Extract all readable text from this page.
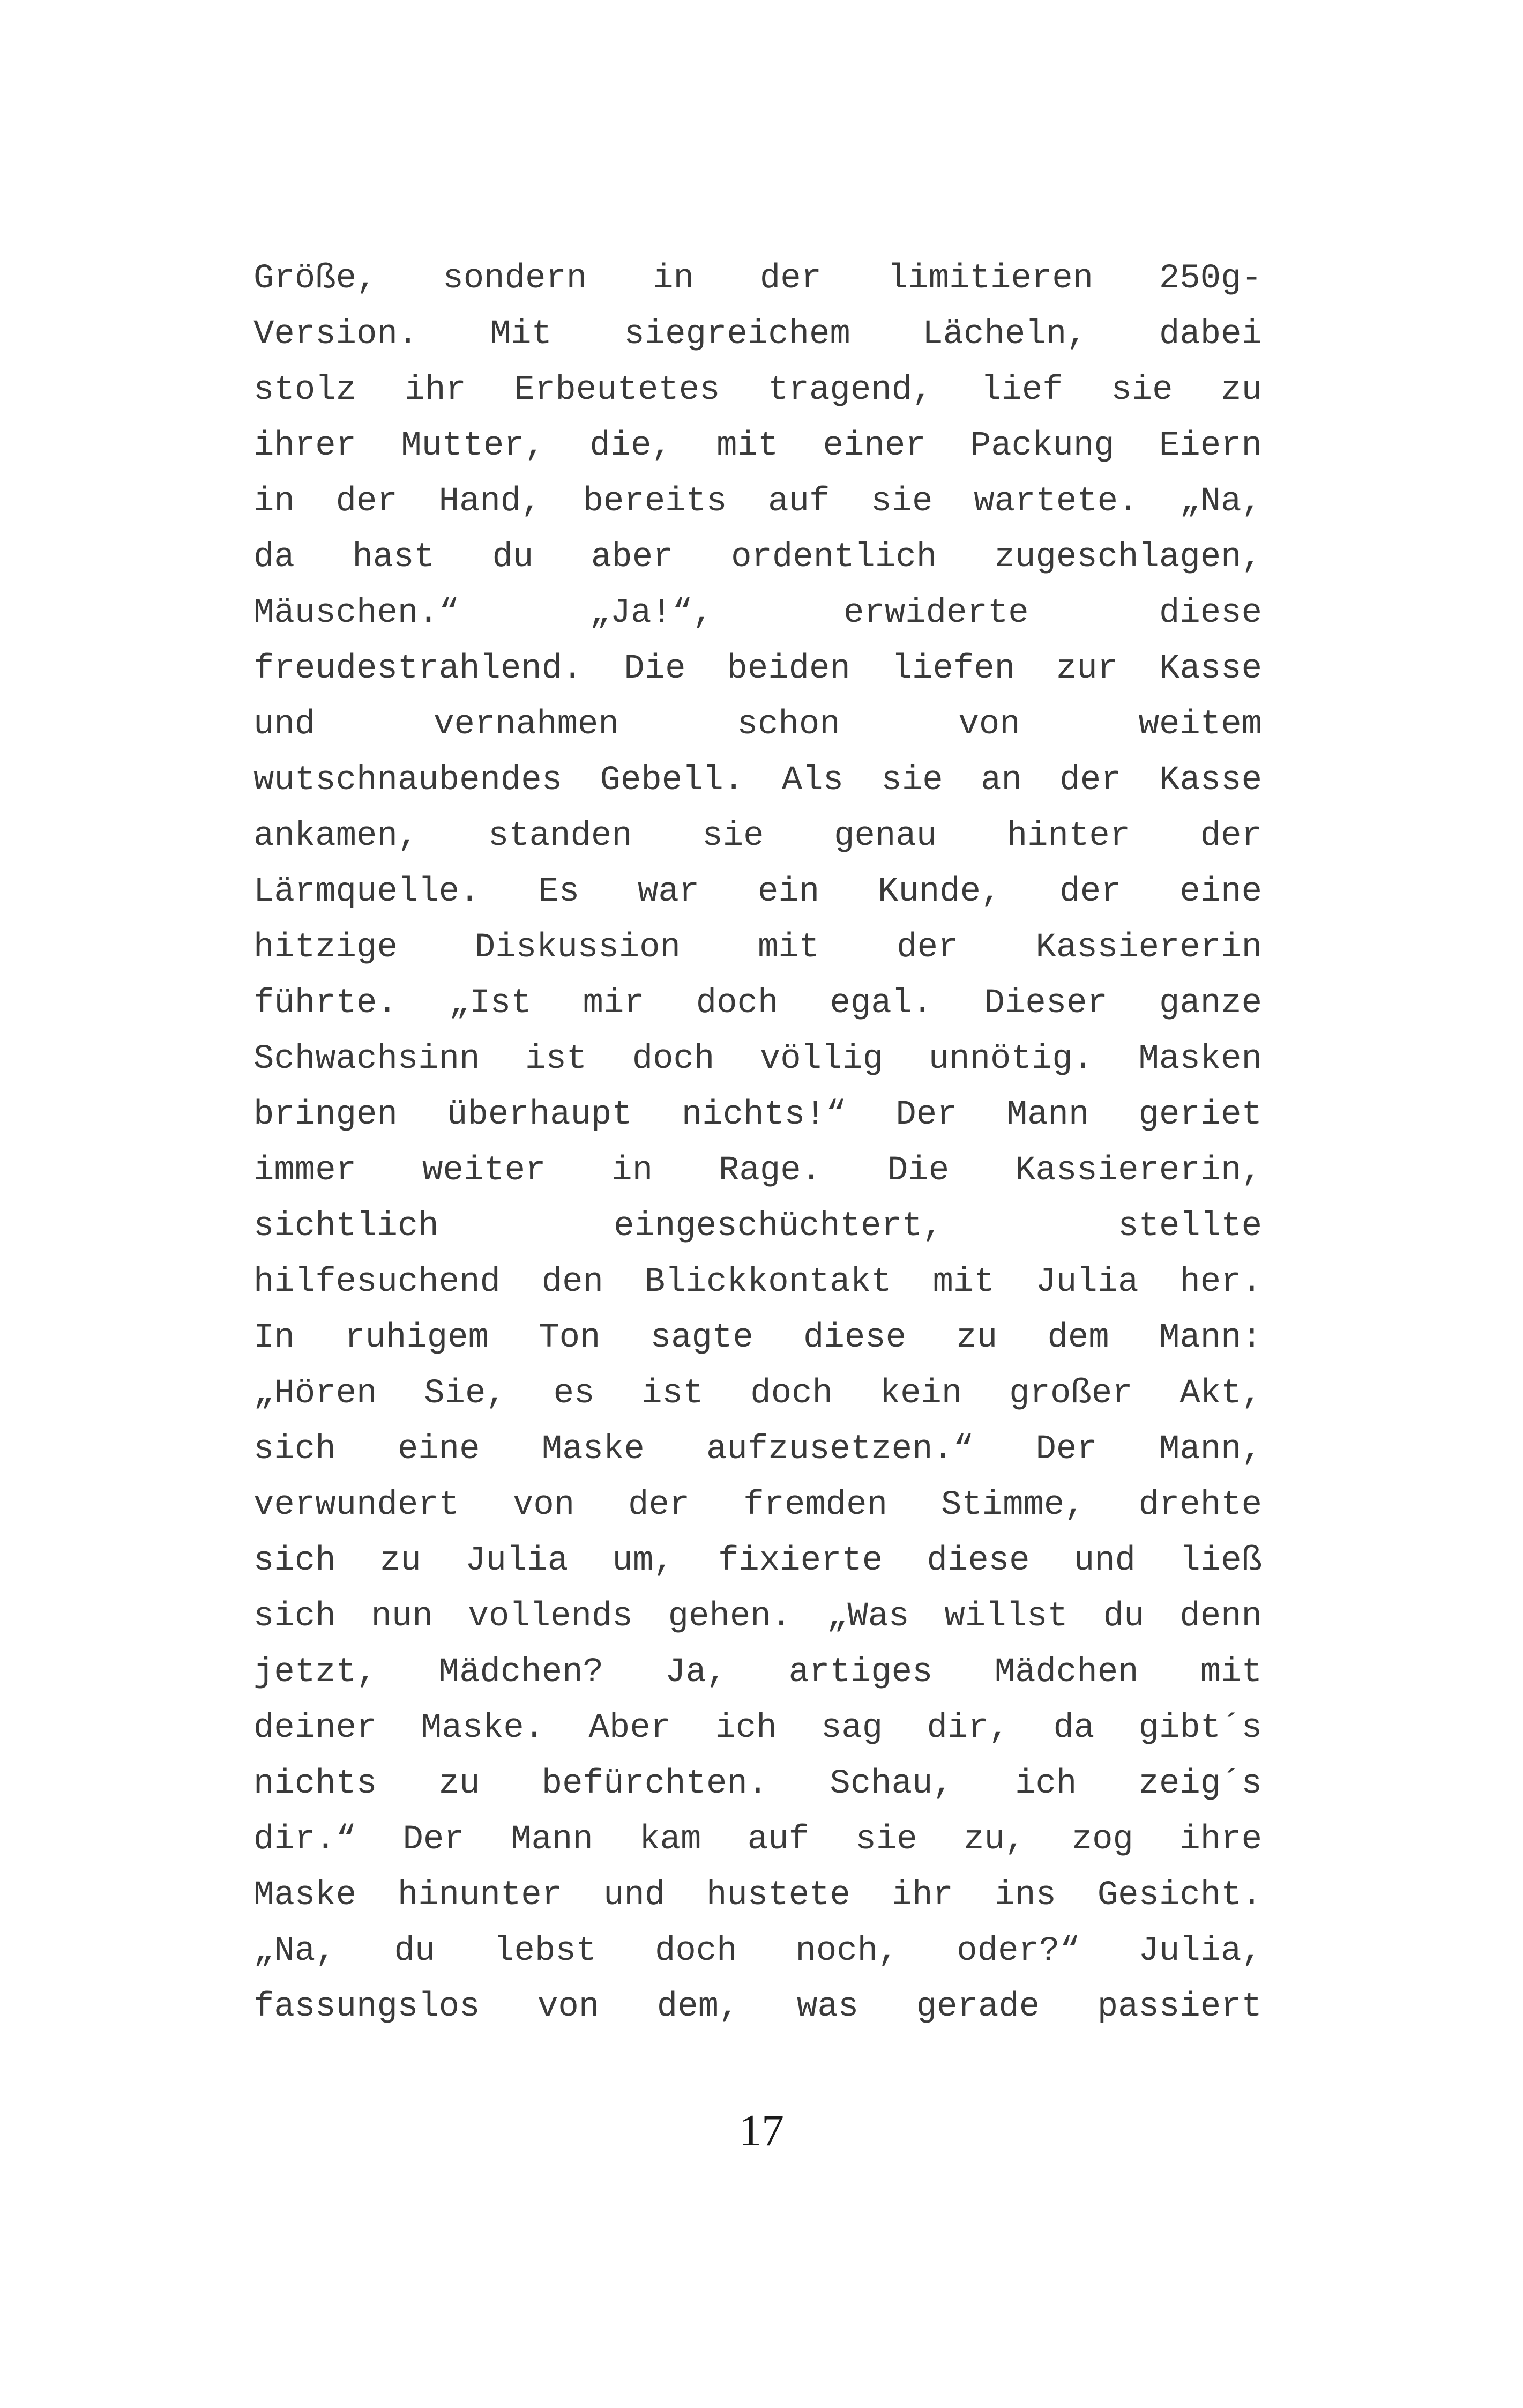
Größe, sondern in der limitieren 250g-
Version. Mit siegreichem Lächeln, dabei
stolz ihr Erbeutetes tragend, lief sie zu
ihrer Mutter, die, mit einer Packung Eiern
in der Hand, bereits auf sie wartete. „Na,
da hast du aber ordentlich zugeschlagen,
Mäuschen.“	„Ja!“,	erwiderte	diese
freudestrahlend. Die beiden liefen zur Kasse
und	vernahmen	schon	von	weitem
wutschnaubendes Gebell. Als sie an der Kasse
ankamen, standen sie genau hinter der
Lärmquelle. Es war ein Kunde, der eine
hitzige Diskussion mit der Kassiererin
führte. „Ist mir doch egal. Dieser ganze
Schwachsinn ist doch völlig unnötig. Masken
bringen überhaupt nichts!“ Der Mann geriet
immer weiter in Rage. Die Kassiererin,
sichtlich	eingeschüchtert,	stellte
hilfesuchend den Blickkontakt mit Julia her.
In ruhigem Ton sagte diese zu dem Mann:
„Hören Sie, es ist doch kein großer Akt,
sich eine Maske aufzusetzen.“ Der Mann,
verwundert von der fremden Stimme, drehte
sich zu Julia um, fixierte diese und ließ
sich nun vollends gehen. „Was willst du denn
jetzt, Mädchen? Ja, artiges Mädchen mit
deiner Maske. Aber ich sag dir, da gibt´s
nichts zu befürchten. Schau, ich zeig´s
dir.“ Der Mann kam auf sie zu, zog ihre
Maske hinunter und hustete ihr ins Gesicht.
„Na, du lebst doch noch, oder?“ Julia,
fassungslos von dem, was gerade passiert
17
